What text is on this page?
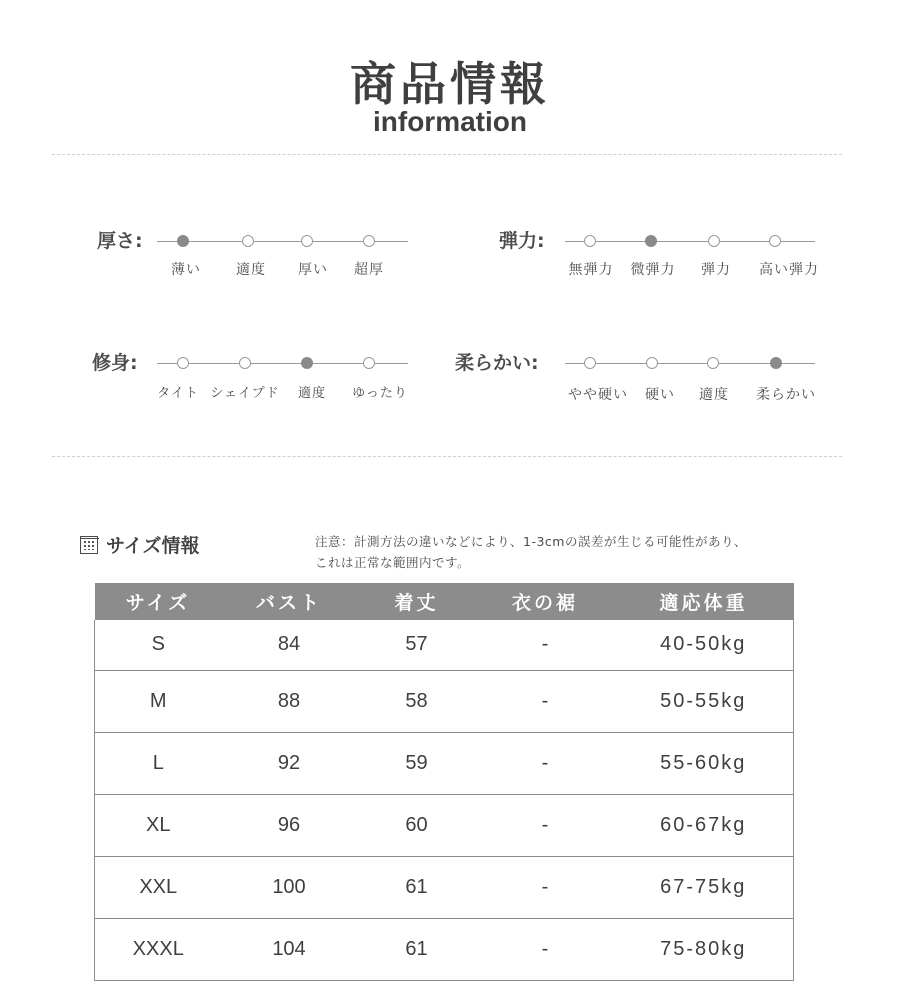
商品情報
information
厚さ:
薄い	適度 厚い 超厚
弾力:
無弾力 微弾力 弾力 高い弾力
修身:
タイト シェイプド 適度 ゆったり
柔らかい:
やや硬い 硬い 適度 柔らかい
サイズ情報	注意：計測方法の違いなどにより、1-3cmの誤差が生じる可能性があり、
これは正常な範囲内です。
サイズ	バスト	着丈	衣の裾	適応体重
S	84	57	-	40-50kg
M	88	58	-	50-55kg
L	92	59	-	55-60kg
XL	96	60	-	60-67kg
XXL	100	61	-	67-75kg
XXXL	104	61	-	75-80kg
